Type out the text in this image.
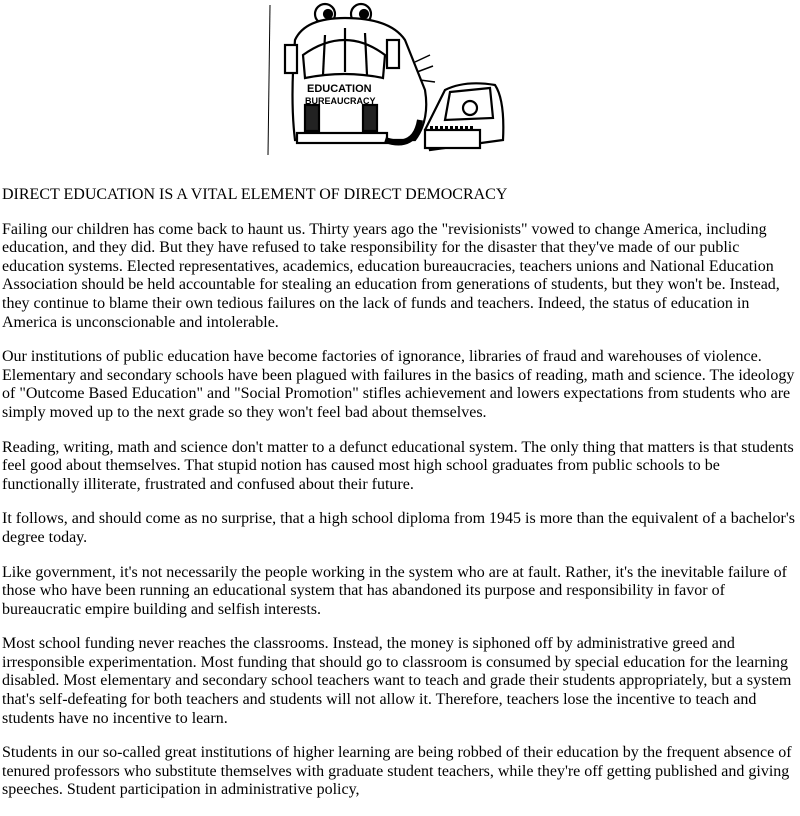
EDUCATION
BUREAUCRACY

DIRECT EDUCATION IS A VITAL ELEMENT OF DIRECT DEMOCRACY

Failing our children has come back to haunt us. Thirty years ago the "revisionists" vowed to change America, including education, and they did. But they have refused to take responsibility for the disaster that they've made of our public education systems. Elected representatives, academics, education bureaucracies, teachers unions and National Education Association should be held accountable for stealing an education from generations of students, but they won't be. Instead, they continue to blame their own tedious failures on the lack of funds and teachers. Indeed, the status of education in America is unconscionable and intolerable.

Our institutions of public education have become factories of ignorance, libraries of fraud and warehouses of violence. Elementary and secondary schools have been plagued with failures in the basics of reading, math and science. The ideology of "Outcome Based Education" and "Social Promotion" stifles achievement and lowers expectations from students who are simply moved up to the next grade so they won't feel bad about themselves.

Reading, writing, math and science don't matter to a defunct educational system. The only thing that matters is that students feel good about themselves. That stupid notion has caused most high school graduates from public schools to be functionally illiterate, frustrated and confused about their future.

It follows, and should come as no surprise, that a high school diploma from 1945 is more than the equivalent of a bachelor's degree today.

Like government, it's not necessarily the people working in the system who are at fault. Rather, it's the inevitable failure of those who have been running an educational system that has abandoned its purpose and responsibility in favor of bureaucratic empire building and selfish interests.

Most school funding never reaches the classrooms. Instead, the money is siphoned off by administrative greed and irresponsible experimentation. Most funding that should go to classroom is consumed by special education for the learning disabled. Most elementary and secondary school teachers want to teach and grade their students appropriately, but a system that's self-defeating for both teachers and students will not allow it. Therefore, teachers lose the incentive to teach and students have no incentive to learn.

Students in our so-called great institutions of higher learning are being robbed of their education by the frequent absence of tenured professors who substitute themselves with graduate student teachers, while they're off getting published and giving speeches. Student participation in administrative policy,
